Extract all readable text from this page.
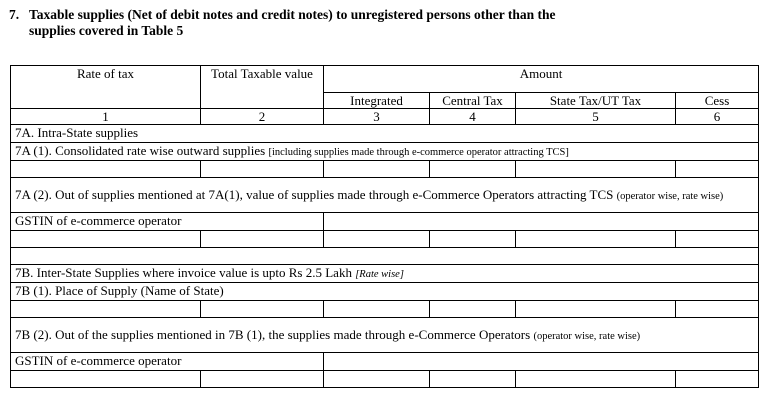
7. Taxable supplies (Net of debit notes and credit notes) to unregistered persons other than the
supplies covered in Table 5
Rate of tax	Total Taxable value	Amount			
		Integrated	Central Tax	State Tax/UT Tax	Cess
1	2	3	4	5	6
7A. Intra-State supplies					
7A (1). Consolidated rate wise outward supplies [including supplies made through e-commerce operator attracting TCS]					

7A (2). Out of supplies mentioned at 7A(1), value of supplies made through e-Commerce Operators attracting TCS (operator wise, rate wise)					
GSTIN of e-commerce operator					

7B. Inter-State Supplies where invoice value is upto Rs 2.5 Lakh [Rate wise]					
7B (1). Place of Supply (Name of State)					

7B (2). Out of the supplies mentioned in 7B (1), the supplies made through e-Commerce Operators (operator wise, rate wise)					
GSTIN of e-commerce operator					
